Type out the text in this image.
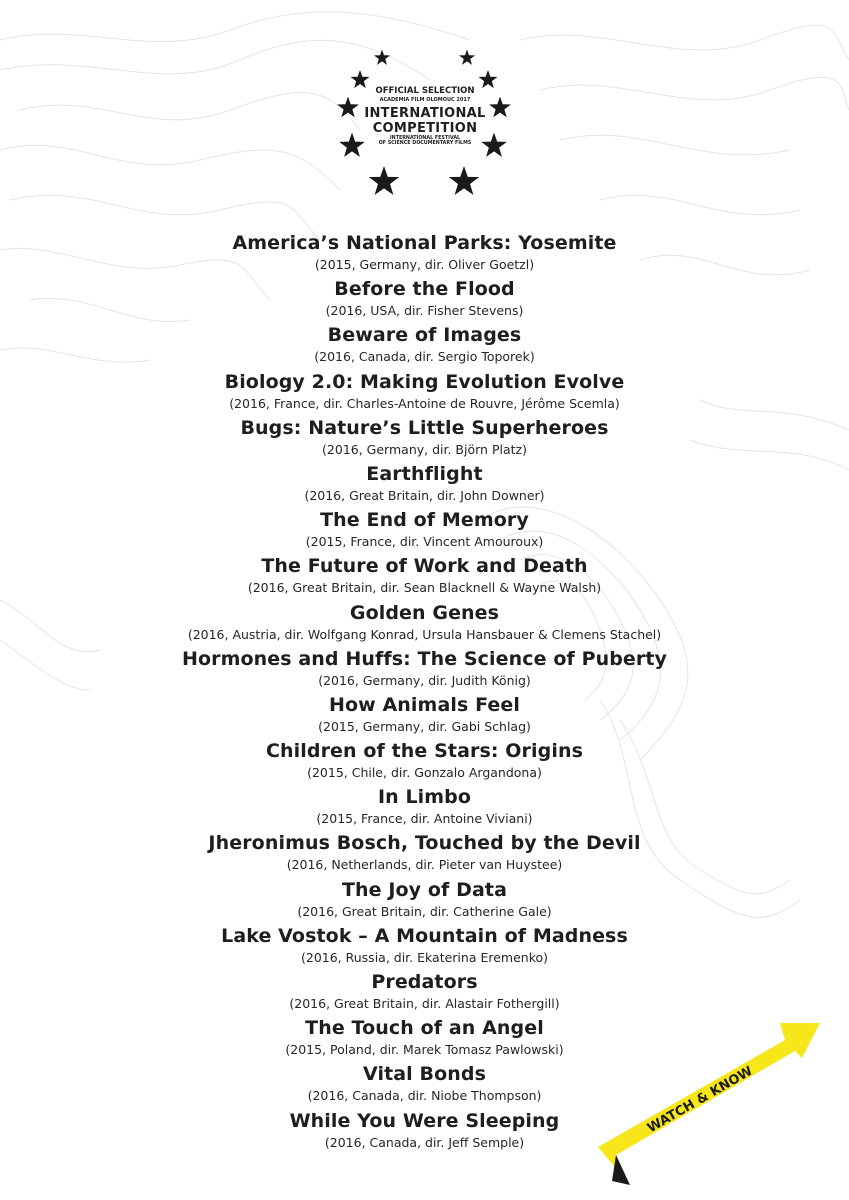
OFFICIAL SELECTION
ACADEMIA FILM OLOMOUC 2017
INTERNATIONAL
COMPETITION
INTERNATIONAL FESTIVAL
OF SCIENCE DOCUMENTARY FILMS
America’s National Parks: Yosemite
(2015, Germany, dir. Oliver Goetzl)
Before the Flood
(2016, USA, dir. Fisher Stevens)
Beware of Images
(2016, Canada, dir. Sergio Toporek)
Biology 2.0: Making Evolution Evolve
(2016, France, dir. Charles-Antoine de Rouvre, Jérôme Scemla)
Bugs: Nature’s Little Superheroes
(2016, Germany, dir. Björn Platz)
Earthflight
(2016, Great Britain, dir. John Downer)
The End of Memory
(2015, France, dir. Vincent Amouroux)
The Future of Work and Death
(2016, Great Britain, dir. Sean Blacknell & Wayne Walsh)
Golden Genes
(2016, Austria, dir. Wolfgang Konrad, Ursula Hansbauer & Clemens Stachel)
Hormones and Huffs: The Science of Puberty
(2016, Germany, dir. Judith König)
How Animals Feel
(2015, Germany, dir. Gabi Schlag)
Children of the Stars: Origins
(2015, Chile, dir. Gonzalo Argandona)
In Limbo
(2015, France, dir. Antoine Viviani)
Jheronimus Bosch, Touched by the Devil
(2016, Netherlands, dir. Pieter van Huystee)
The Joy of Data
(2016, Great Britain, dir. Catherine Gale)
Lake Vostok – A Mountain of Madness
(2016, Russia, dir. Ekaterina Eremenko)
Predators
(2016, Great Britain, dir. Alastair Fothergill)
The Touch of an Angel
(2015, Poland, dir. Marek Tomasz Pawlowski)
Vital Bonds
(2016, Canada, dir. Niobe Thompson)
While You Were Sleeping
(2016, Canada, dir. Jeff Semple)
WATCH & KNOW
